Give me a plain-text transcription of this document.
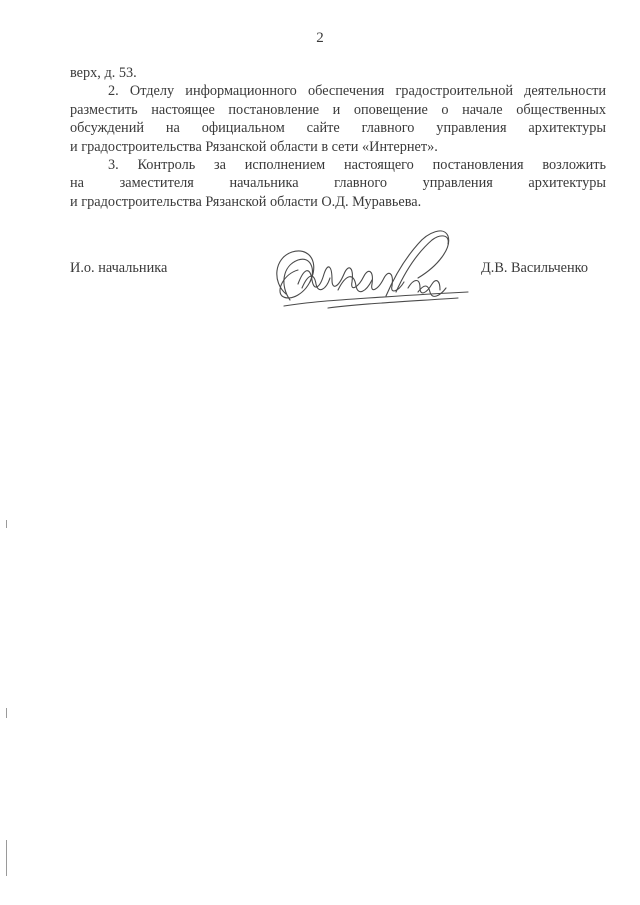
2

верх, д. 53.

2. Отделу информационного обеспечения градостроительной деятельности

разместить настоящее постановление и оповещение о начале общественных

обсуждений на официальном сайте главного управления архитектуры

и градостроительства Рязанской области в сети «Интернет».

3. Контроль за исполнением настоящего постановления возложить

на заместителя начальника главного управления архитектуры

и градостроительства Рязанской области О.Д. Муравьева.

И.о. начальника	Д.В. Васильченко
